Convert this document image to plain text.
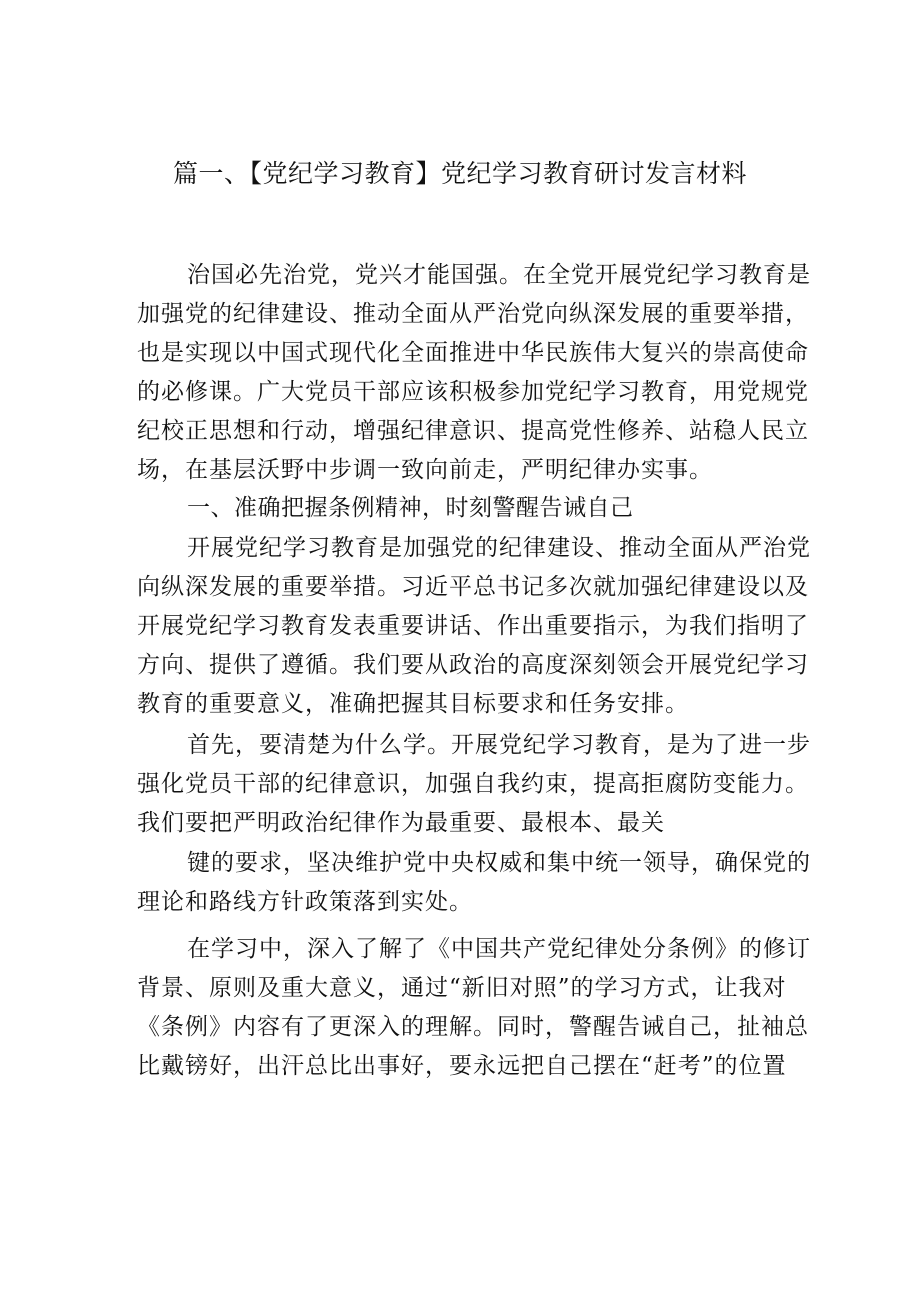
篇一、【党纪学习教育】党纪学习教育研讨发言材料
治国必先治党，党兴才能国强。在全党开展党纪学习教育是
加强党的纪律建设、推动全面从严治党向纵深发展的重要举措，
也是实现以中国式现代化全面推进中华民族伟大复兴的崇高使命
的必修课。广大党员干部应该积极参加党纪学习教育，用党规党
纪校正思想和行动，增强纪律意识、提高党性修养、站稳人民立
场，在基层沃野中步调一致向前走，严明纪律办实事。
一、准确把握条例精神，时刻警醒告诫自己
开展党纪学习教育是加强党的纪律建设、推动全面从严治党
向纵深发展的重要举措。习近平总书记多次就加强纪律建设以及
开展党纪学习教育发表重要讲话、作出重要指示，为我们指明了
方向、提供了遵循。我们要从政治的高度深刻领会开展党纪学习
教育的重要意义，准确把握其目标要求和任务安排。
首先，要清楚为什么学。开展党纪学习教育，是为了进一步
强化党员干部的纪律意识，加强自我约束，提高拒腐防变能力。
我们要把严明政治纪律作为最重要、最根本、最关
键的要求，坚决维护党中央权威和集中统一领导，确保党的
理论和路线方针政策落到实处。
在学习中，深入了解了《中国共产党纪律处分条例》的修订
背景、原则及重大意义，通过“新旧对照”的学习方式，让我对
《条例》内容有了更深入的理解。同时，警醒告诫自己，扯袖总
比戴镑好，出汗总比出事好，要永远把自己摆在“赶考”的位置
